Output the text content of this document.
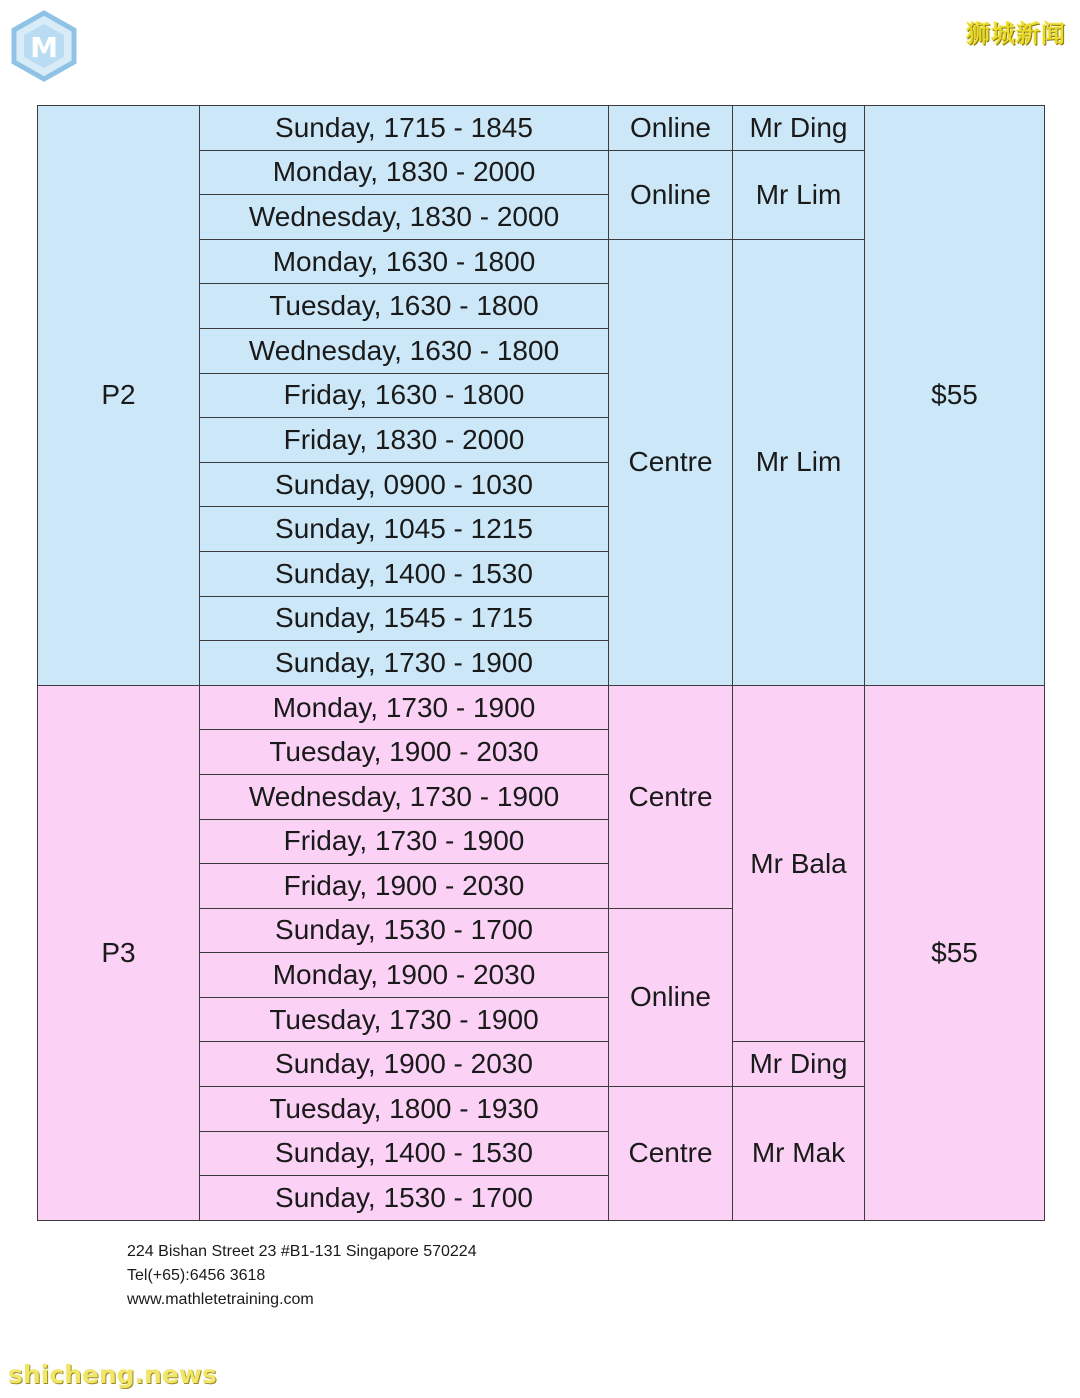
M	狮城新闻
P2	Sunday, 1715 - 1845	Online	Mr Ding	$55
	Monday, 1830 - 2000	Online	Mr Lim	
	Wednesday, 1830 - 2000			
	Monday, 1630 - 1800	Centre	Mr Lim	
	Tuesday, 1630 - 1800			
	Wednesday, 1630 - 1800			
	Friday, 1630 - 1800			
	Friday, 1830 - 2000			
	Sunday, 0900 - 1030			
	Sunday, 1045 - 1215			
	Sunday, 1400 - 1530			
	Sunday, 1545 - 1715			
	Sunday, 1730 - 1900			
P3	Monday, 1730 - 1900	Centre	Mr Bala	$55
	Tuesday, 1900 - 2030			
	Wednesday, 1730 - 1900			
	Friday, 1730 - 1900			
	Friday, 1900 - 2030			
	Sunday, 1530 - 1700	Online		
	Monday, 1900 - 2030			
	Tuesday, 1730 - 1900			
	Sunday, 1900 - 2030		Mr Ding	
	Tuesday, 1800 - 1930	Centre	Mr Mak	
	Sunday, 1400 - 1530			
	Sunday, 1530 - 1700			
224 Bishan Street 23 #B1-131 Singapore 570224
Tel(+65):6456 3618
www.mathletetraining.com
shicheng.news
